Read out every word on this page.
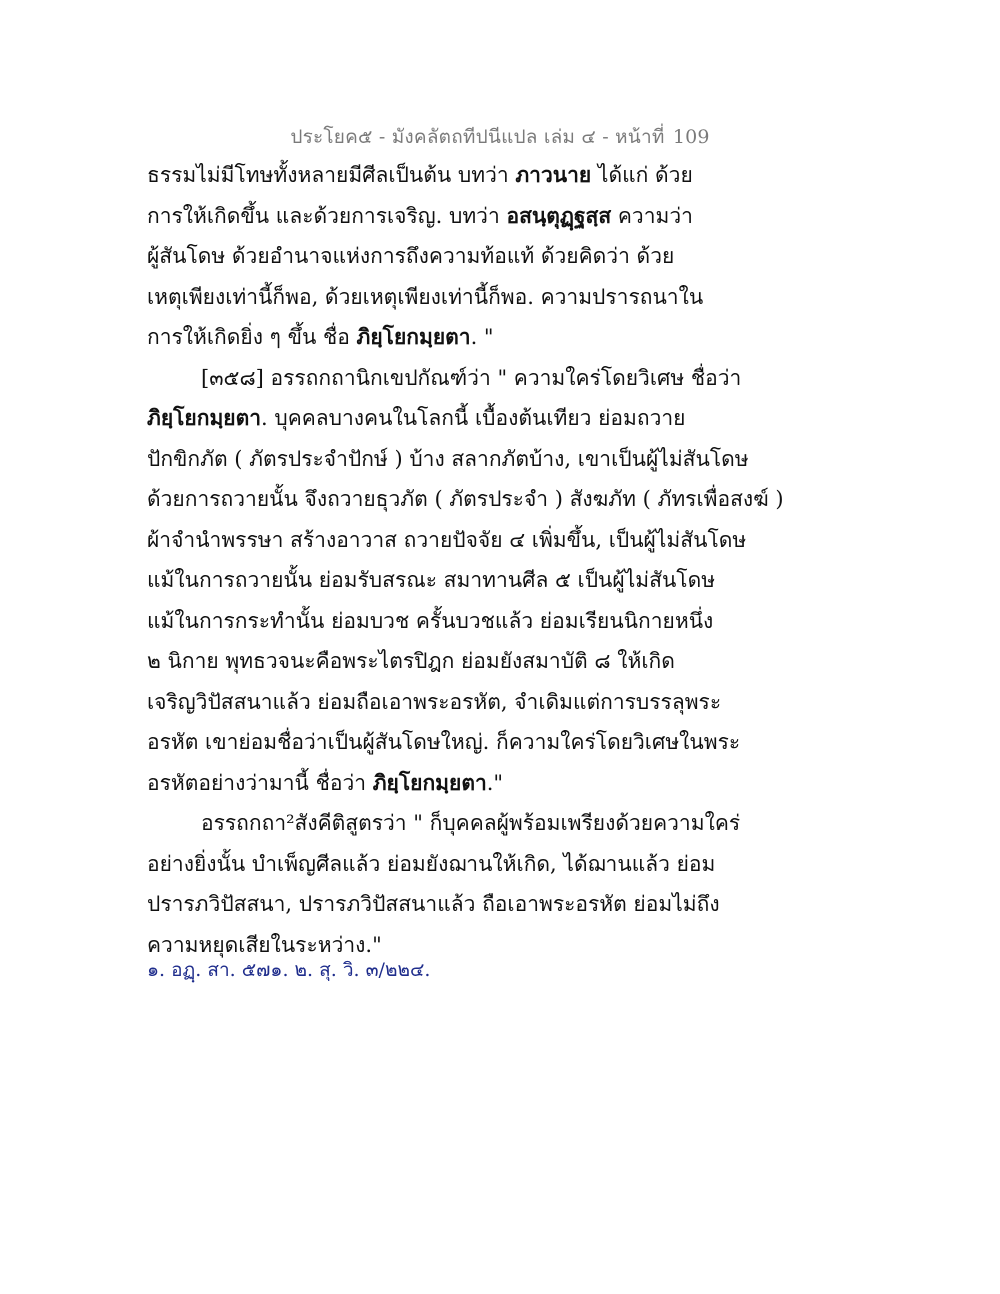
ประโยค๕ - มังคลัตถทีปนีแปล เล่ม ๔ - หน้าที่ 109
ธรรมไม่มีโทษทั้งหลายมีศีลเป็นต้น บทว่า ภาวนาย ได้แก่ ด้วย
การให้เกิดขึ้น และด้วยการเจริญ. บทว่า อสนฺตุฏฺฐสฺส ความว่า
ผู้สันโดษ ด้วยอำนาจแห่งการถึงความท้อแท้ ด้วยคิดว่า ด้วย
เหตุเพียงเท่านี้ก็พอ, ด้วยเหตุเพียงเท่านี้ก็พอ. ความปรารถนาใน
การให้เกิดยิ่ง ๆ ขึ้น ชื่อ ภิยฺโยกมฺยตา. "
[๓๕๘] อรรถกถานิกเขปกัณฑ์ว่า " ความใคร่โดยวิเศษ ชื่อว่า
ภิยฺโยกมฺยตา. บุคคลบางคนในโลกนี้ เบื้องต้นเทียว ย่อมถวาย
ปักขิกภัต ( ภัตรประจำปักษ์ ) บ้าง สลากภัตบ้าง, เขาเป็นผู้ไม่สันโดษ
ด้วยการถวายนั้น จึงถวายธุวภัต ( ภัตรประจำ ) สังฆภัท ( ภัทรเพื่อสงฆ์ )
ผ้าจำนำพรรษา สร้างอาวาส ถวายปัจจัย ๔ เพิ่มขึ้น, เป็นผู้ไม่สันโดษ
แม้ในการถวายนั้น ย่อมรับสรณะ สมาทานศีล ๕ เป็นผู้ไม่สันโดษ
แม้ในการกระทำนั้น ย่อมบวช ครั้นบวชแล้ว ย่อมเรียนนิกายหนึ่ง
๒ นิกาย พุทธวจนะคือพระไตรปิฎก ย่อมยังสมาบัติ ๘ ให้เกิด
เจริญวิปัสสนาแล้ว ย่อมถือเอาพระอรหัต, จำเดิมแต่การบรรลุพระ
อรหัต เขาย่อมชื่อว่าเป็นผู้สันโดษใหญ่. ก็ความใคร่โดยวิเศษในพระ
อรหัตอย่างว่ามานี้ ชื่อว่า ภิยฺโยกมฺยตา."
อรรถกถา²สังคีติสูตรว่า " ก็บุคคลผู้พร้อมเพรียงด้วยความใคร่
อย่างยิ่งนั้น บำเพ็ญศีลแล้ว ย่อมยังฌานให้เกิด, ได้ฌานแล้ว ย่อม
ปรารภวิปัสสนา, ปรารภวิปัสสนาแล้ว ถือเอาพระอรหัต ย่อมไม่ถึง
ความหยุดเสียในระหว่าง."
๑. อฏฺ. สา. ๕๗๑. ๒. สุ. วิ. ๓/๒๒๔.
